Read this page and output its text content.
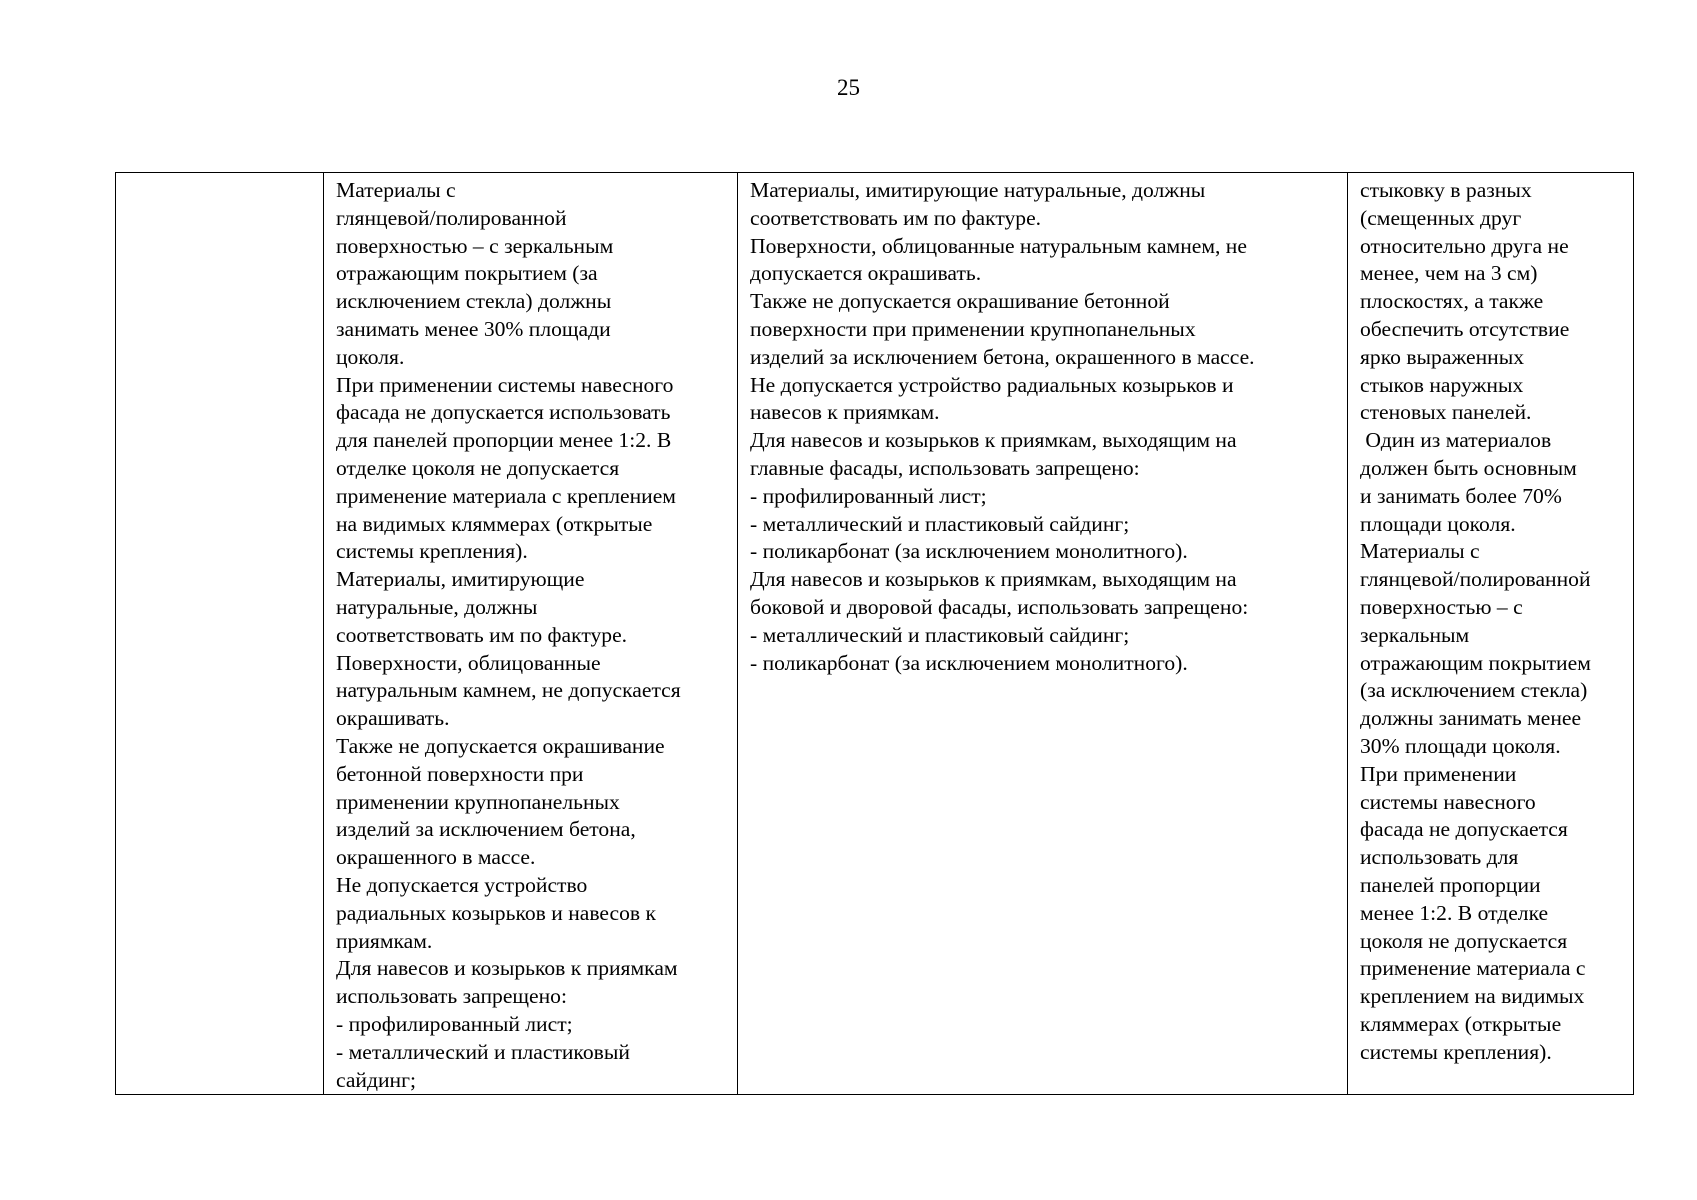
25

Материалы с
глянцевой/полированной
поверхностью – с зеркальным
отражающим покрытием (за
исключением стекла) должны
занимать менее 30% площади
цоколя.
При применении системы навесного
фасада не допускается использовать
для панелей пропорции менее 1:2. В
отделке цоколя не допускается
применение материала с креплением
на видимых кляммерах (открытые
системы крепления).
Материалы, имитирующие
натуральные, должны
соответствовать им по фактуре.
Поверхности, облицованные
натуральным камнем, не допускается
окрашивать.
Также не допускается окрашивание
бетонной поверхности при
применении крупнопанельных
изделий за исключением бетона,
окрашенного в массе.
Не допускается устройство
радиальных козырьков и навесов к
приямкам.
Для навесов и козырьков к приямкам
использовать запрещено:
- профилированный лист;
- металлический и пластиковый
сайдинг;

Материалы, имитирующие натуральные, должны
соответствовать им по фактуре.
Поверхности, облицованные натуральным камнем, не
допускается окрашивать.
Также не допускается окрашивание бетонной
поверхности при применении крупнопанельных
изделий за исключением бетона, окрашенного в массе.
Не допускается устройство радиальных козырьков и
навесов к приямкам.
Для навесов и козырьков к приямкам, выходящим на
главные фасады, использовать запрещено:
- профилированный лист;
- металлический и пластиковый сайдинг;
- поликарбонат (за исключением монолитного).
Для навесов и козырьков к приямкам, выходящим на
боковой и дворовой фасады, использовать запрещено:
- металлический и пластиковый сайдинг;
- поликарбонат (за исключением монолитного).

стыковку в разных
(смещенных друг
относительно друга не
менее, чем на 3 см)
плоскостях, а также
обеспечить отсутствие
ярко выраженных
стыков наружных
стеновых панелей.
Один из материалов
должен быть основным
и занимать более 70%
площади цоколя.
Материалы с
глянцевой/полированной
поверхностью – с
зеркальным
отражающим покрытием
(за исключением стекла)
должны занимать менее
30% площади цоколя.
При применении
системы навесного
фасада не допускается
использовать для
панелей пропорции
менее 1:2. В отделке
цоколя не допускается
применение материала с
креплением на видимых
кляммерах (открытые
системы крепления).
